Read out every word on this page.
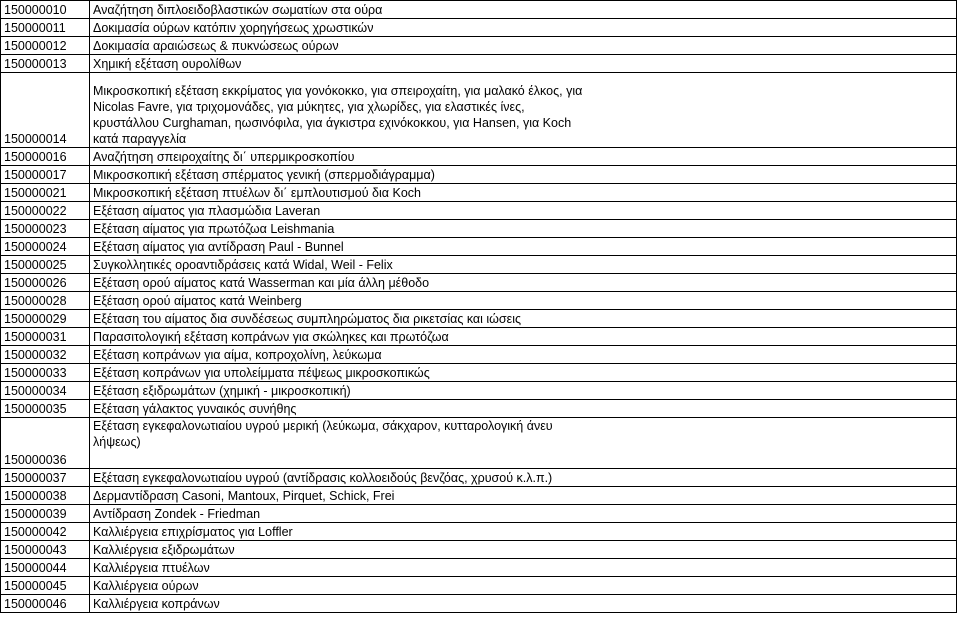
150000010	Αναζήτηση διπλοειδοβλαστικών σωματίων στα ούρα
150000011	Δοκιμασία ούρων κατόπιν χορηγήσεως χρωστικών
150000012	Δοκιμασία αραιώσεως & πυκνώσεως ούρων
150000013	Χημική εξέταση ουρολίθων
150000014	Μικροσκοπική εξέταση εκκρίματος για γονόκοκκο, για σπειροχαίτη, για μαλακό έλκος, για
Nicolas Favre, για τριχομονάδες, για μύκητες, για χλωρίδες, για ελαστικές ίνες,
κρυστάλλου Curghaman, ηωσινόφιλα, για άγκιστρα εχινόκοκκου, για Hansen, για Koch
κατά παραγγελία
150000016	Αναζήτηση σπειροχαίτης δι΄ υπερμικροσκοπίου
150000017	Μικροσκοπική εξέταση σπέρματος γενική (σπερμοδιάγραμμα)
150000021	Μικροσκοπική εξέταση πτυέλων δι΄ εμπλουτισμού δια Koch
150000022	Εξέταση αίματος για πλασμώδια Laveran
150000023	Εξέταση αίματος για πρωτόζωα Leishmania
150000024	Εξέταση αίματος για αντίδραση Paul - Bunnel
150000025	Συγκολλητικές οροαντιδράσεις κατά Widal, Weil - Felix
150000026	Εξέταση ορού αίματος κατά Wasserman και μία άλλη μέθοδο
150000028	Εξέταση ορού αίματος κατά Weinberg
150000029	Εξέταση του αίματος δια συνδέσεως συμπληρώματος δια ρικετσίας και ιώσεις
150000031	Παρασιτολογική εξέταση κοπράνων για σκώληκες και πρωτόζωα
150000032	Εξέταση κοπράνων για αίμα, κοπροχολίνη, λεύκωμα
150000033	Εξέταση κοπράνων για υπολείμματα πέψεως μικροσκοπικώς
150000034	Εξέταση εξιδρωμάτων (χημική - μικροσκοπική)
150000035	Εξέταση γάλακτος γυναικός συνήθης
150000036	Εξέταση εγκεφαλονωτιαίου υγρού μερική (λεύκωμα, σάκχαρον, κυτταρολογική άνευ
λήψεως)
150000037	Εξέταση εγκεφαλονωτιαίου υγρού (αντίδρασις κολλοειδούς βενζόας, χρυσού κ.λ.π.)
150000038	Δερμαντίδραση Casoni, Mantoux, Pirquet, Schick, Frei
150000039	Αντίδραση Zondek - Friedman
150000042	Καλλιέργεια επιχρίσματος για Loffler
150000043	Καλλιέργεια εξιδρωμάτων
150000044	Καλλιέργεια πτυέλων
150000045	Καλλιέργεια ούρων
150000046	Καλλιέργεια κοπράνων
